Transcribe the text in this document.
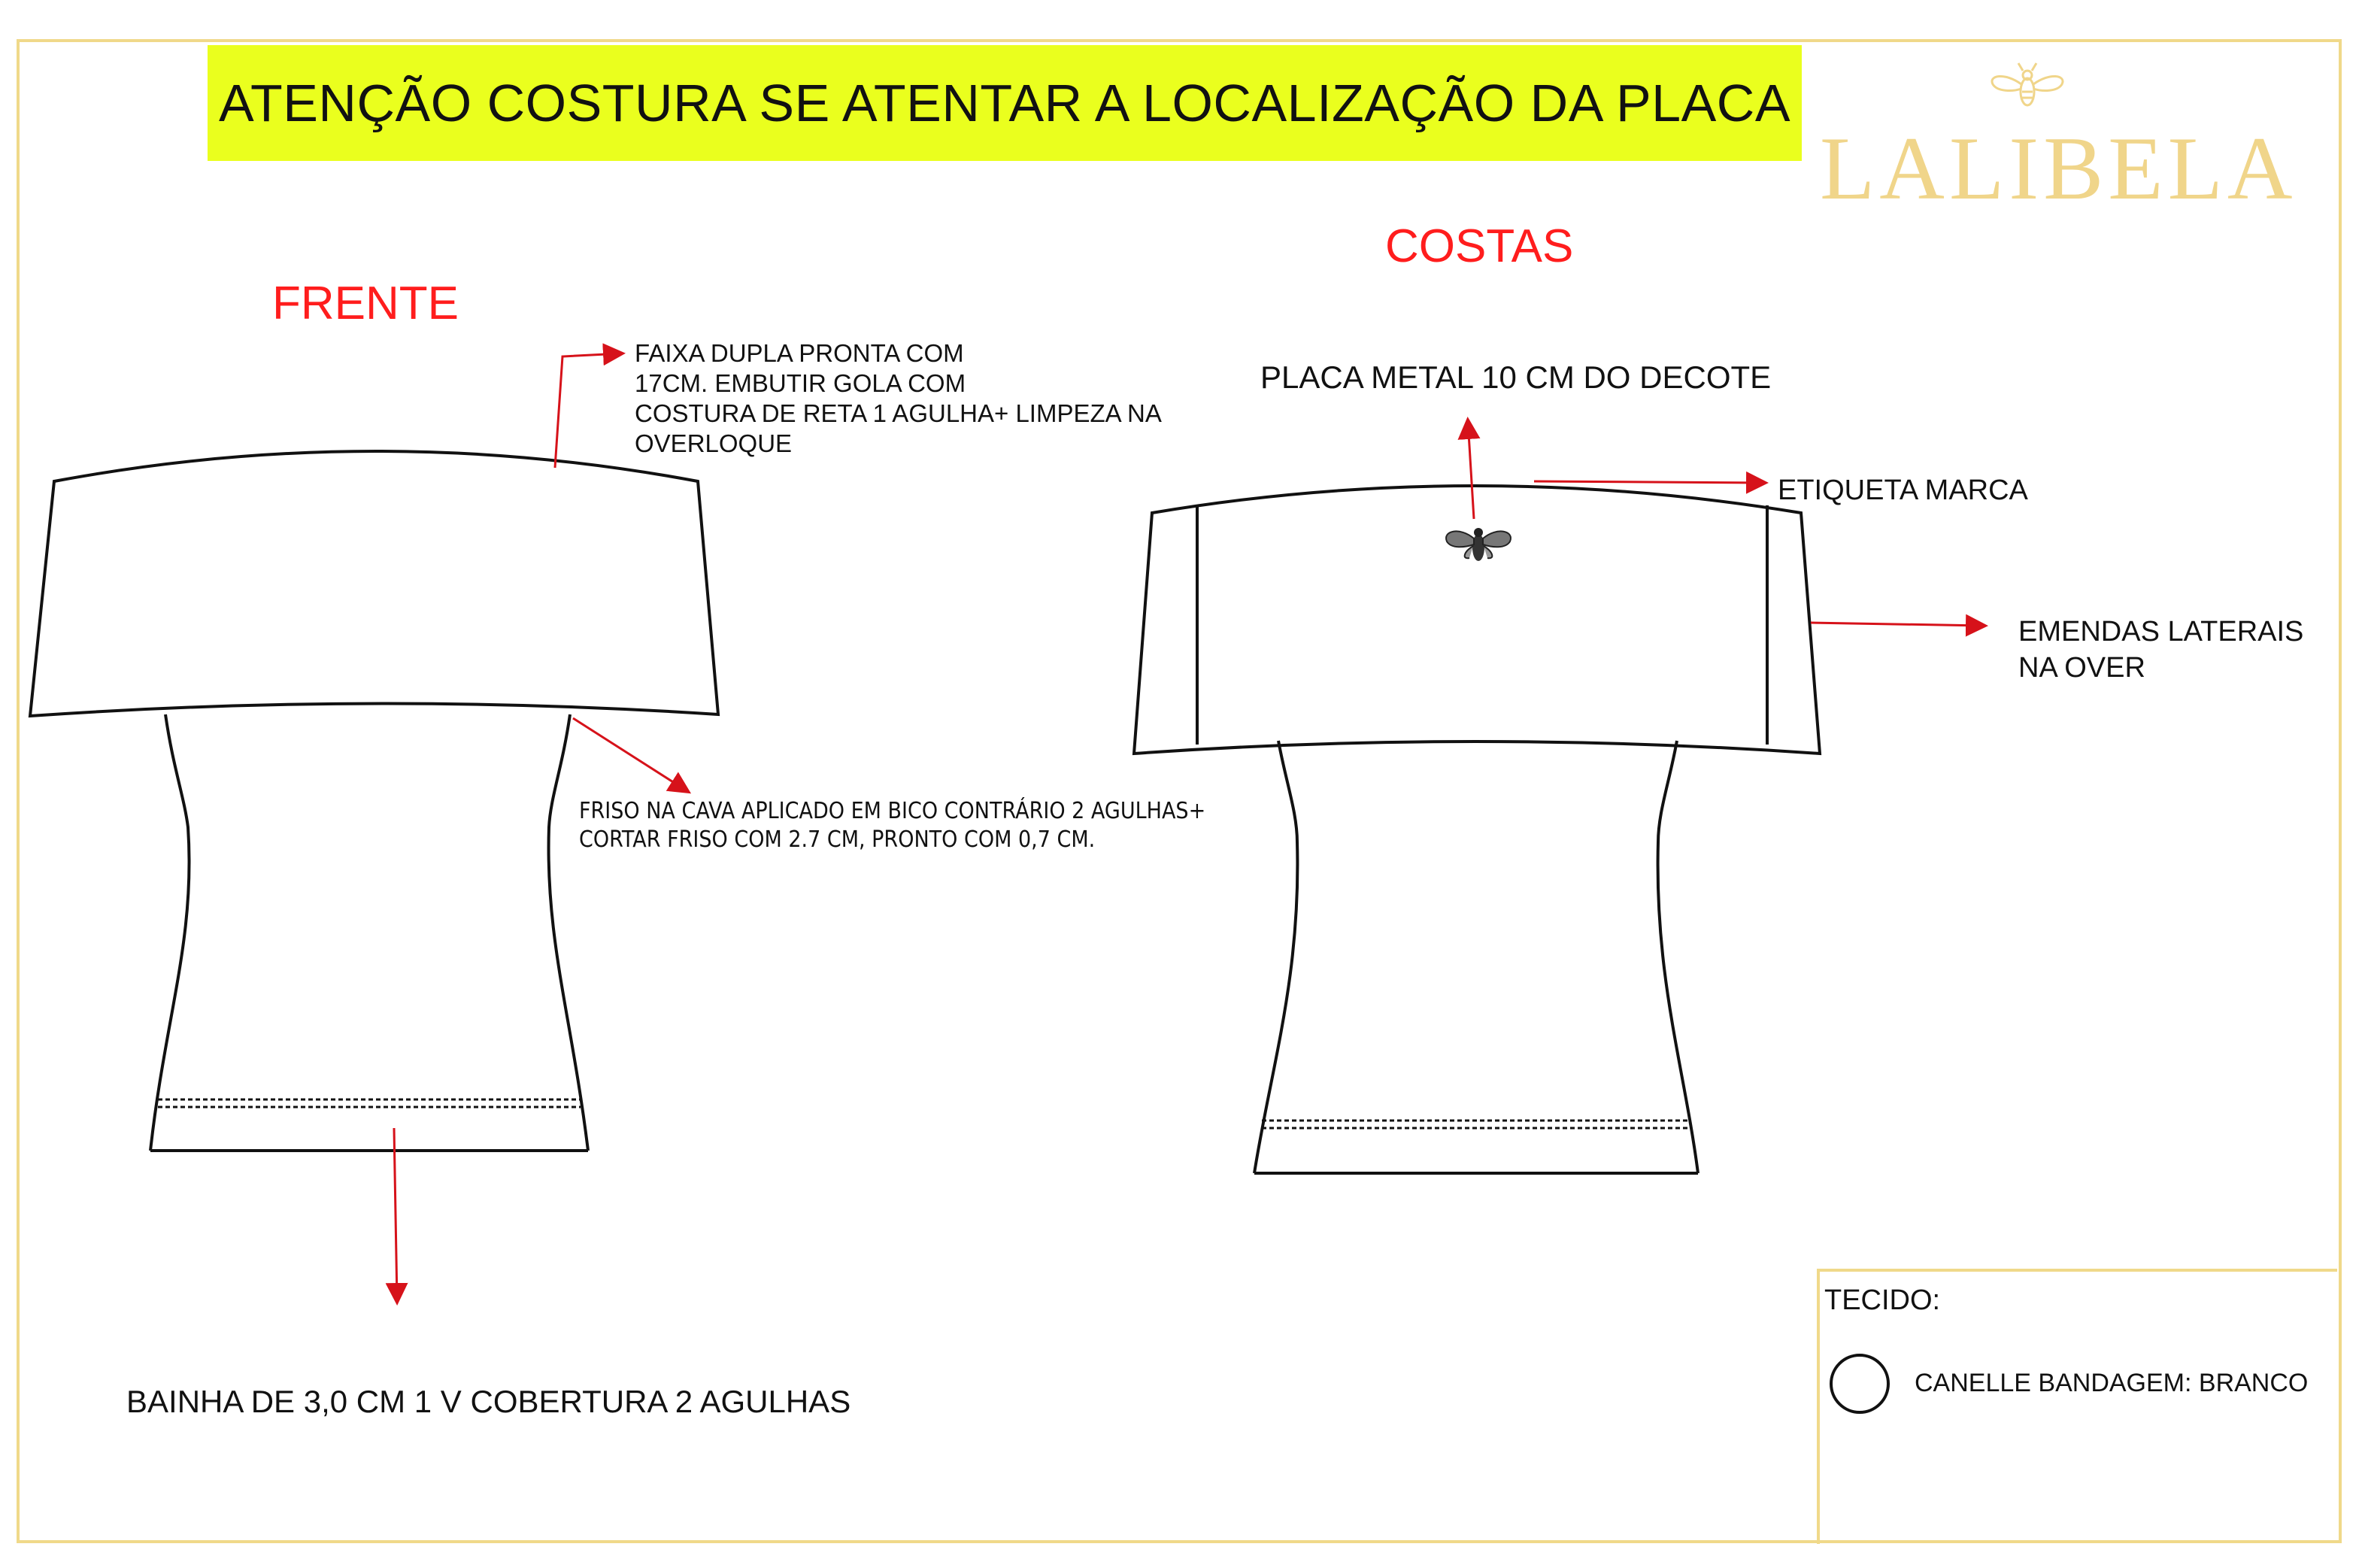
ATENÇÃO COSTURA SE ATENTAR A LOCALIZAÇÃO DA PLACA
LALIBELA
FRENTE
COSTAS
FAIXA DUPLA PRONTA COM
17CM. EMBUTIR GOLA COM
COSTURA DE RETA 1 AGULHA+ LIMPEZA NA
OVERLOQUE
FRISO NA CAVA APLICADO EM BICO CONTRÁRIO 2 AGULHAS+
CORTAR FRISO COM 2.7 CM, PRONTO COM 0,7 CM.
BAINHA DE 3,0 CM 1 V COBERTURA 2 AGULHAS
PLACA METAL 10 CM DO DECOTE
ETIQUETA MARCA
EMENDAS LATERAIS
NA OVER
TECIDO:
CANELLE BANDAGEM: BRANCO
